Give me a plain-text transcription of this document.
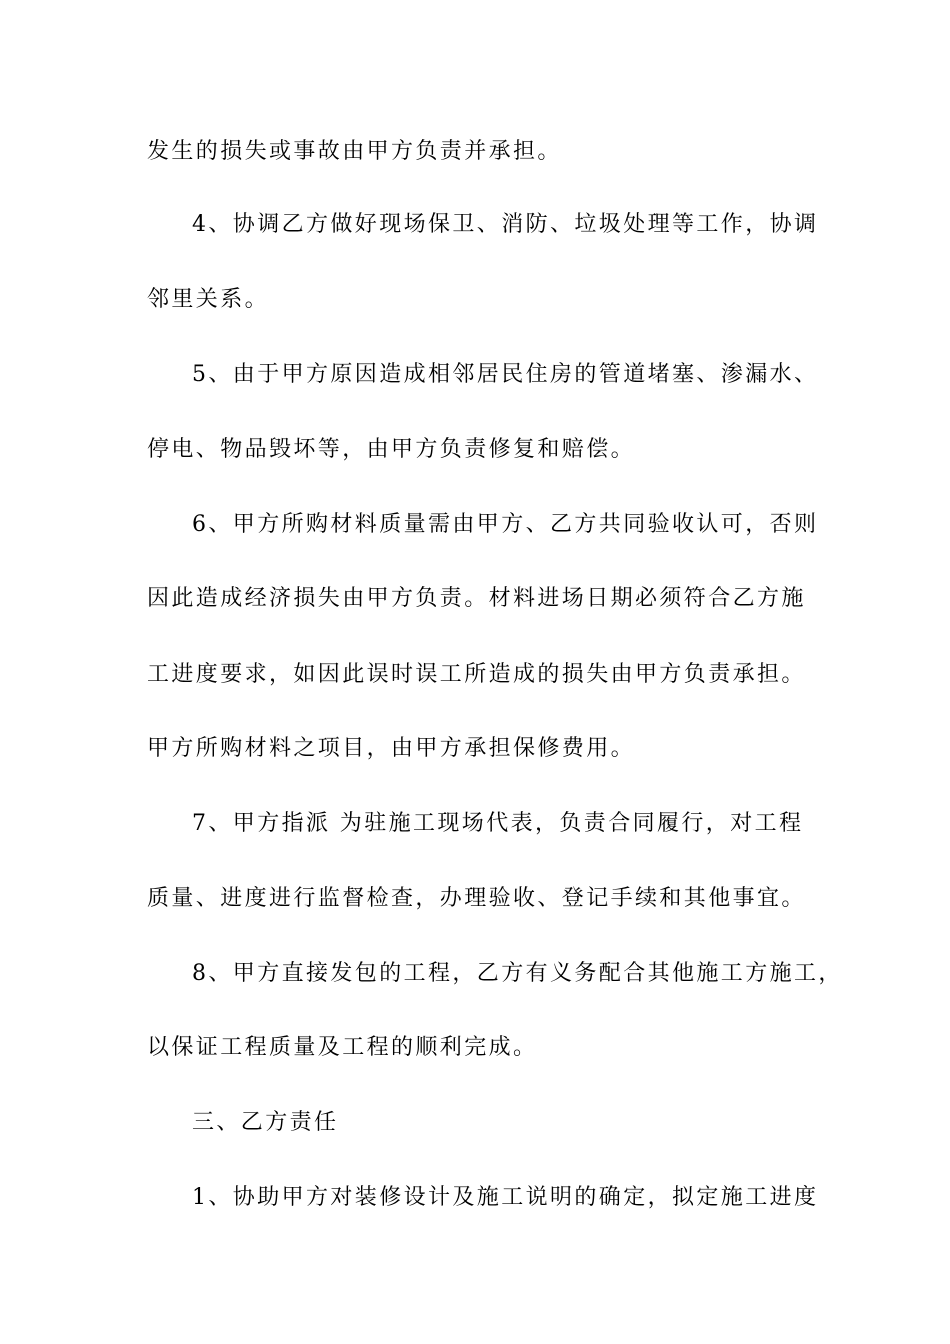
发生的损失或事故由甲方负责并承担。
4、协调乙方做好现场保卫、消防、垃圾处理等工作，协调
邻里关系。
5、由于甲方原因造成相邻居民住房的管道堵塞、渗漏水、
停电、物品毁坏等，由甲方负责修复和赔偿。
6、甲方所购材料质量需由甲方、乙方共同验收认可，否则
因此造成经济损失由甲方负责。材料进场日期必须符合乙方施
工进度要求，如因此误时误工所造成的损失由甲方负责承担。
甲方所购材料之项目，由甲方承担保修费用。
7、甲方指派 为驻施工现场代表，负责合同履行，对工程
质量、进度进行监督检查，办理验收、登记手续和其他事宜。
8、甲方直接发包的工程，乙方有义务配合其他施工方施工，
以保证工程质量及工程的顺利完成。
三、乙方责任
1、协助甲方对装修设计及施工说明的确定，拟定施工进度
